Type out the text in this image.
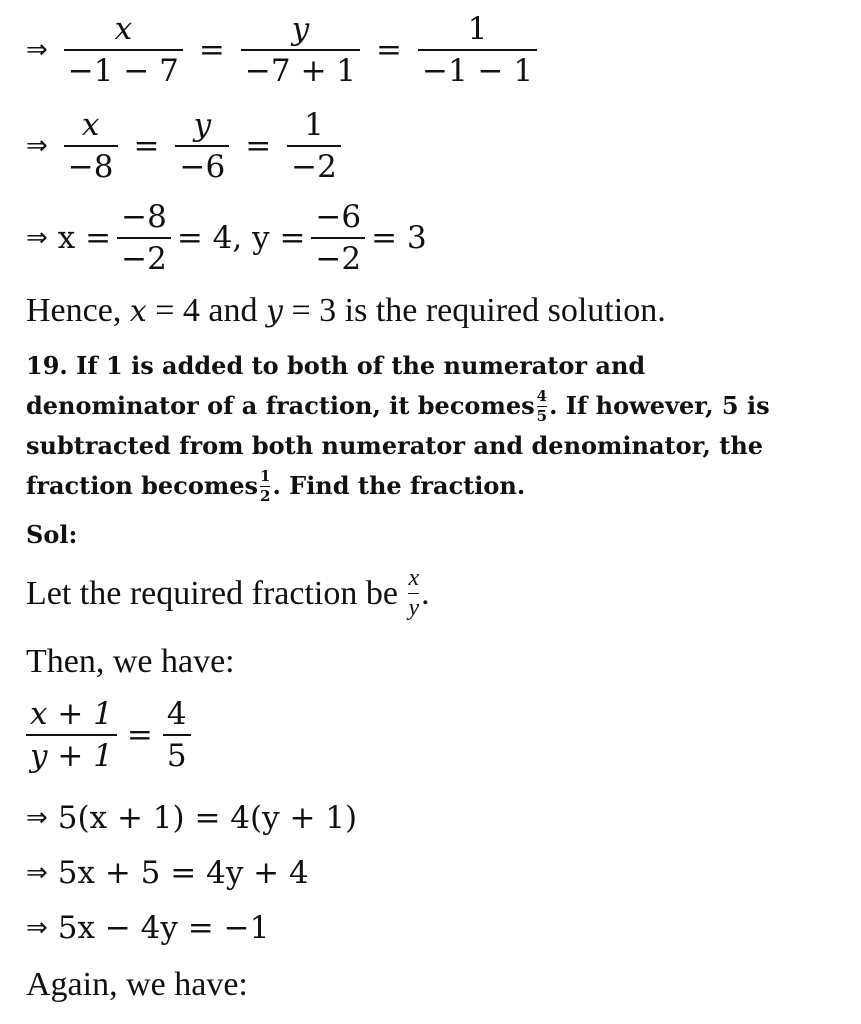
⇒ $\frac{x}{-1 - 7} = \frac{y}{-7 + 1} = \frac{1}{-1 - 1}$
⇒ $\frac{x}{-8} = \frac{y}{-6} = \frac{1}{-2}$
⇒ $x = \frac{-8}{-2} = 4$, $y = \frac{-6}{-2} = 3$
Hence,
x
= 4 and
y
= 3 is the required solution.
19. If 1 is added to both of the numerator and
denominator of a fraction, it becomes 4
5 . If however, 5 is
subtracted from both numerator and denominator, the
fraction becomes 1
2 . Find the fraction.
Sol:
Let the required fraction be
x
y .
Then, we have:
$\frac{x + 1}{y + 1} = \frac{4}{5}$
⇒ 5(x + 1) = 4(y + 1)
⇒ 5x + 5 = 4y + 4
⇒ 5x − 4y = −1
Again, we have:
